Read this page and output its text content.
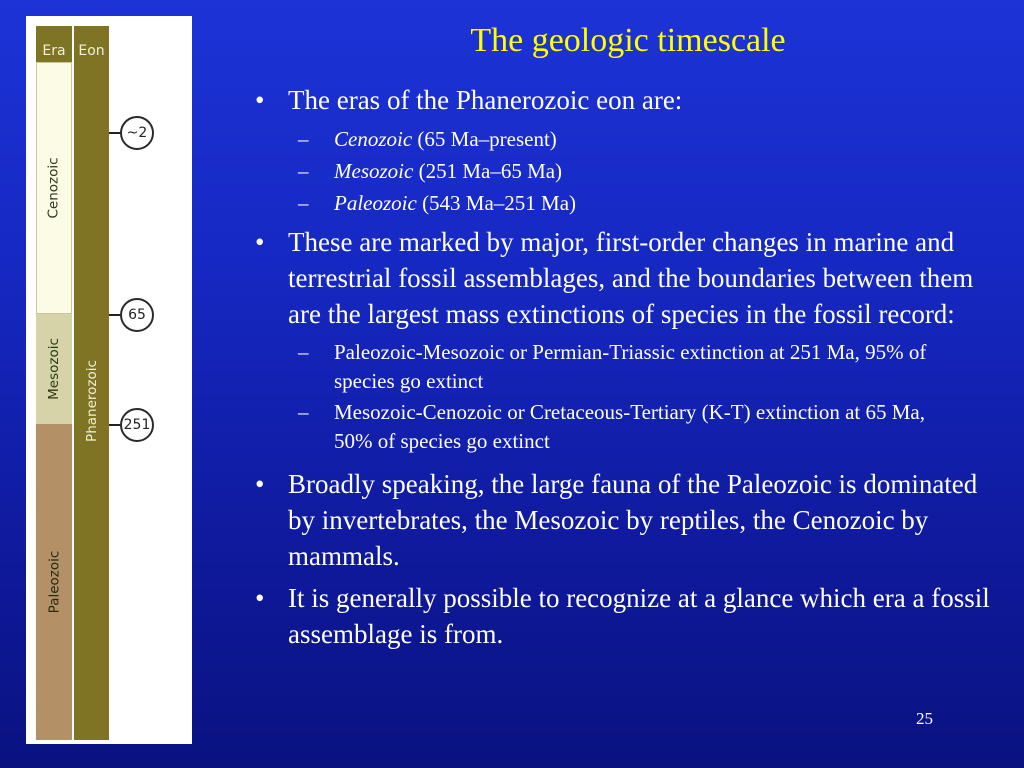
Era Eon
Cenozoic
Mesozoic
Paleozoic
Phanerozoic
~2
65
251
The geologic timescale
• The eras of the Phanerozoic eon are:
– Cenozoic (65 Ma–present)
– Mesozoic (251 Ma–65 Ma)
– Paleozoic (543 Ma–251 Ma)
• These are marked by major, first-order changes in marine and terrestrial fossil assemblages, and the boundaries between them are the largest mass extinctions of species in the fossil record:
– Paleozoic-Mesozoic or Permian-Triassic extinction at 251 Ma, 95% of species go extinct
– Mesozoic-Cenozoic or Cretaceous-Tertiary (K-T) extinction at 65 Ma, 50% of species go extinct
• Broadly speaking, the large fauna of the Paleozoic is dominated by invertebrates, the Mesozoic by reptiles, the Cenozoic by mammals.
• It is generally possible to recognize at a glance which era a fossil assemblage is from.
25
